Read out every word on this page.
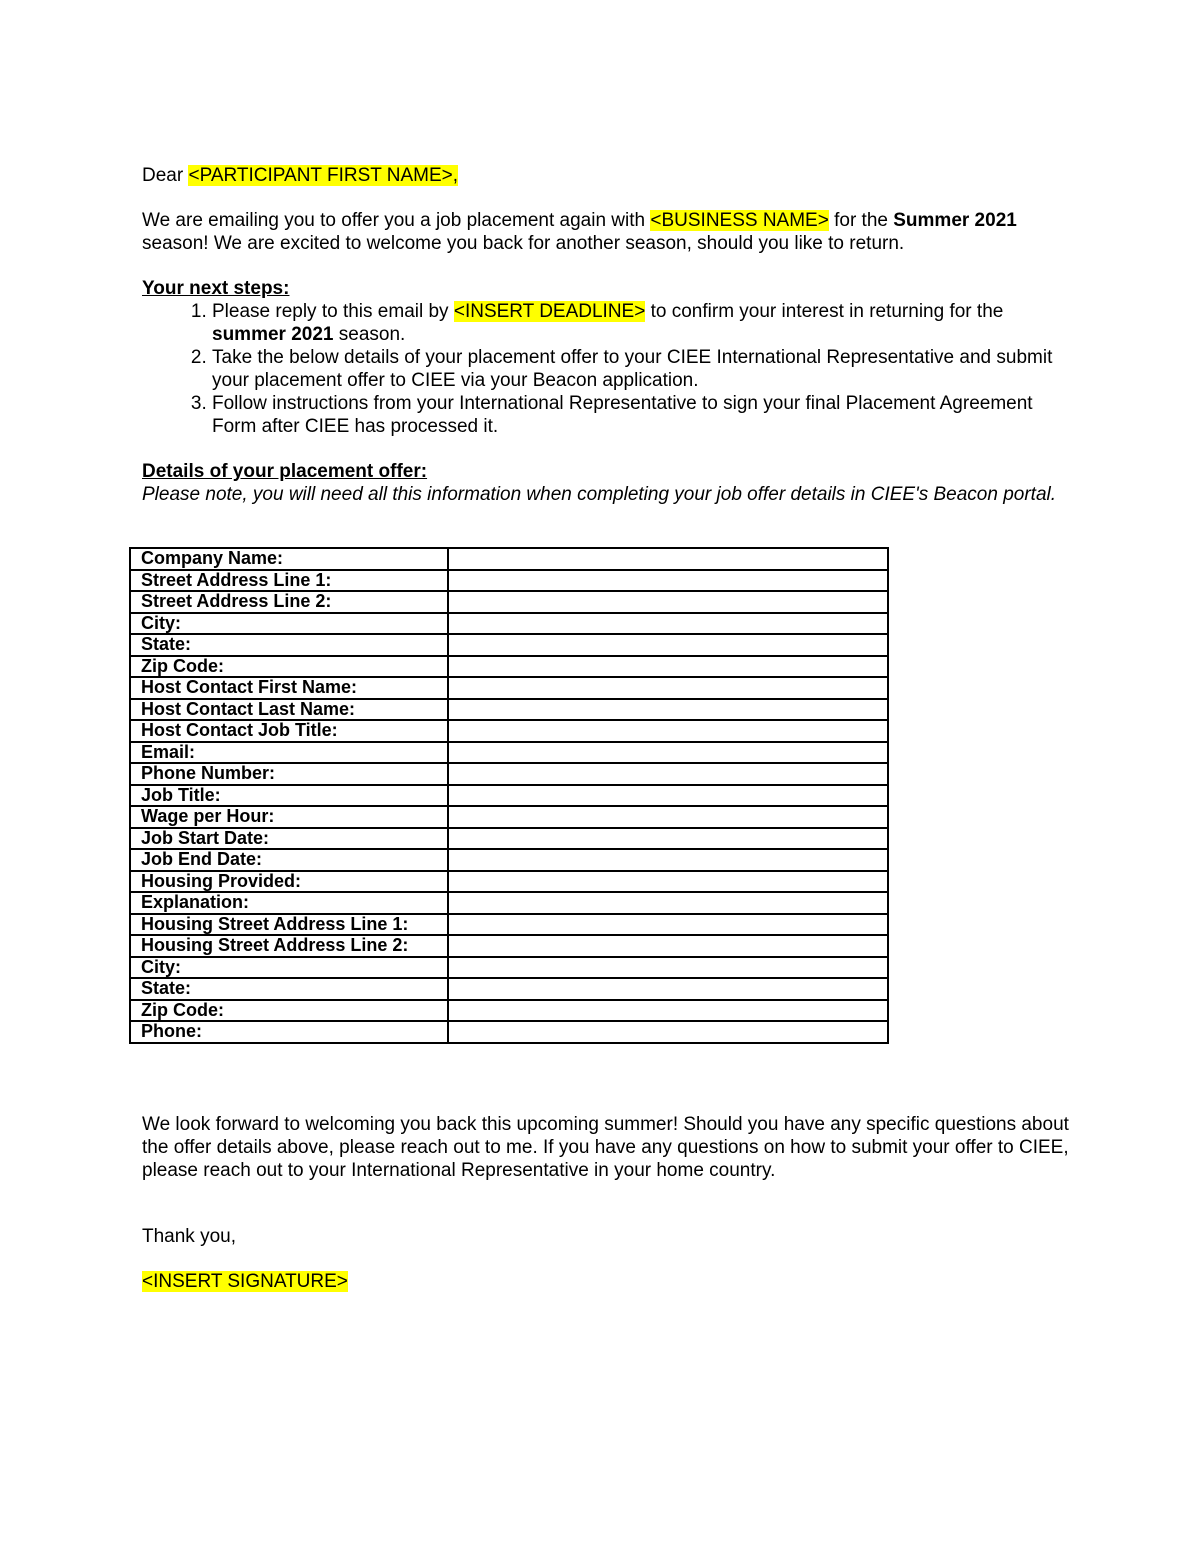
Dear <PARTICIPANT FIRST NAME>,

We are emailing you to offer you a job placement again with <BUSINESS NAME> for the Summer 2021 season! We are excited to welcome you back for another season, should you like to return.

Your next steps:

1. Please reply to this email by <INSERT DEADLINE> to confirm your interest in returning for the summer 2021 season.
2. Take the below details of your placement offer to your CIEE International Representative and submit your placement offer to CIEE via your Beacon application.
3. Follow instructions from your International Representative to sign your final Placement Agreement Form after CIEE has processed it.

Details of your placement offer:

Please note, you will need all this information when completing your job offer details in CIEE's Beacon portal.

Company Name:	
Street Address Line 1:	
Street Address Line 2:	
City:	
State:	
Zip Code:	
Host Contact First Name:	
Host Contact Last Name:	
Host Contact Job Title:	
Email:	
Phone Number:	
Job Title:	
Wage per Hour:	
Job Start Date:	
Job End Date:	
Housing Provided:	
Explanation:	
Housing Street Address Line 1:	
Housing Street Address Line 2:	
City:	
State:	
Zip Code:	
Phone:	

We look forward to welcoming you back this upcoming summer! Should you have any specific questions about the offer details above, please reach out to me. If you have any questions on how to submit your offer to CIEE, please reach out to your International Representative in your home country.

Thank you,

<INSERT SIGNATURE>
